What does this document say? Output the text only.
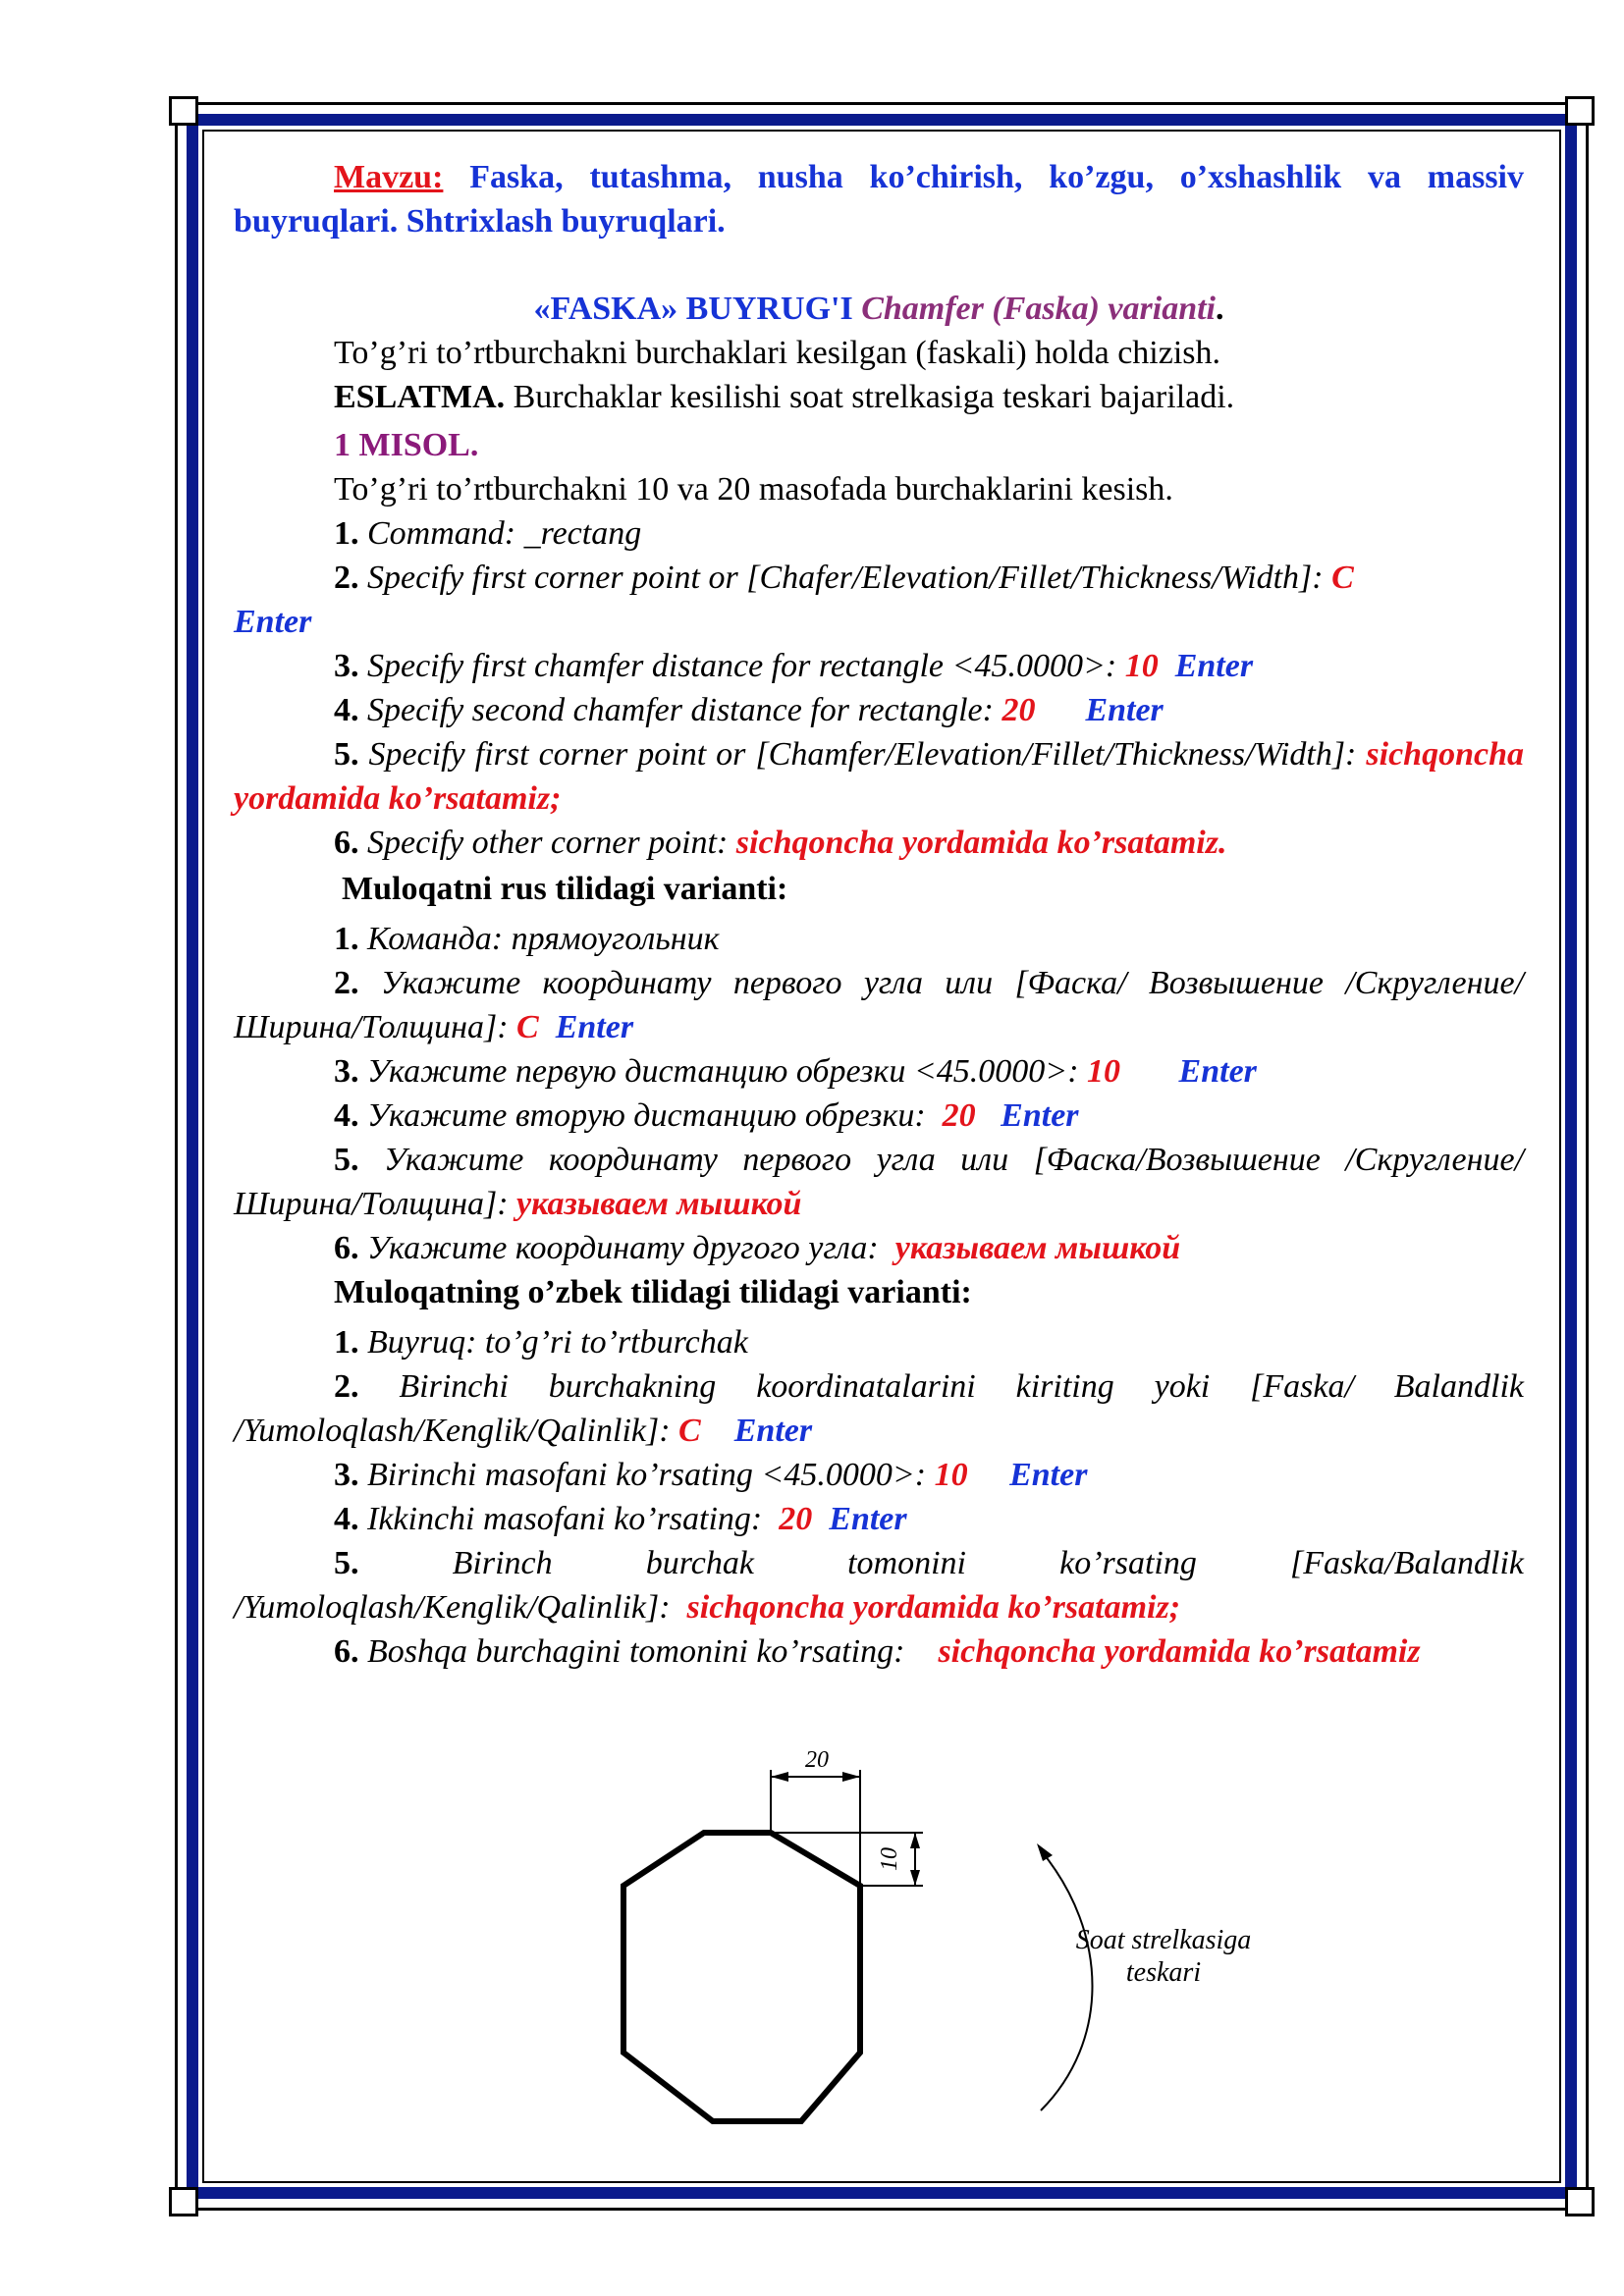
Mavzu: Faska, tutashma, nusha ko’chirish, ko’zgu, o’xshashlik va massiv buyruqlari. Shtrixlash buyruqlari.

«FASKA» BUYRUG'I Chamfer (Faska) varianti.

To’g’ri to’rtburchakni burchaklari kesilgan (faskali) holda chizish.

ESLATMA. Burchaklar kesilishi soat strelkasiga teskari bajariladi.

1 MISOL.

To’g’ri to’rtburchakni 10 va 20 masofada burchaklarini kesish.

1. Command: _rectang

2. Specify first corner point or [Chafer/Elevation/Fillet/Thickness/Width]: C
Enter

3. Specify first chamfer distance for rectangle <45.0000>: 10 Enter

4. Specify second chamfer distance for rectangle: 20 Enter

5. Specify first corner point or [Chamfer/Elevation/Fillet/Thickness/Width]: sichqoncha yordamida ko’rsatamiz;

6. Specify other corner point: sichqoncha yordamida ko’rsatamiz.

Muloqatni rus tilidagi varianti:

1. Команда: прямоугольник

2. Укажите координату первого угла или [Фаска/ Возвышение /Скругление/Ширина/Толщина]: C Enter

3. Укажите первую дистанцию обрезки <45.0000>: 10 Enter

4. Укажите вторую дистанцию обрезки:  20 Enter

5. Укажите координату первого угла или [Фаска/Возвышение /Скругление/Ширина/Толщина]: указываем мышкой

6. Укажите координату другого угла:  указываем мышкой

Muloqatning o’zbek tilidagi tilidagi varianti:

1. Buyruq: to’g’ri to’rtburchak

2. Birinchi burchakning koordinatalarini kiriting yoki [Faska/ Balandlik /Yumoloqlash/Kenglik/Qalinlik]: C Enter

3. Birinchi masofani ko’rsating <45.0000>: 10 Enter

4. Ikkinchi masofani ko’rsating:  20 Enter

5. Birinch burchak tomonini ko’rsating [Faska/Balandlik /Yumoloqlash/Kenglik/Qalinlik]:  sichqoncha yordamida ko’rsatamiz;

6. Boshqa burchagini tomonini ko’rsating:    sichqoncha yordamida ko’rsatamiz

20
10
Soat strelkasiga
teskari
